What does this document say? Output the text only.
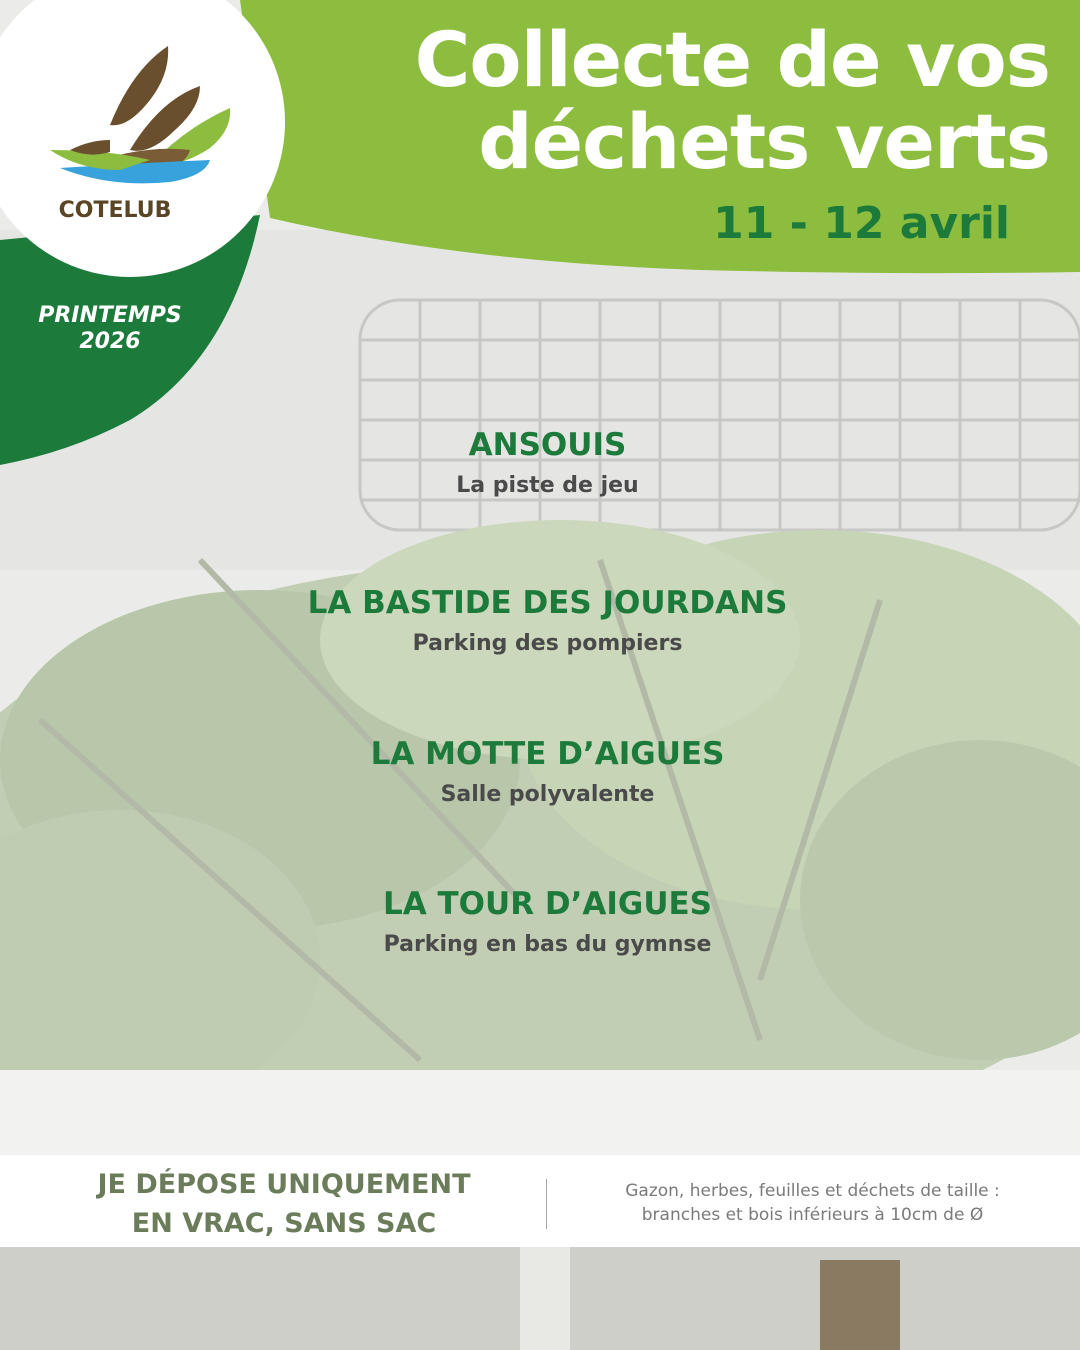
Collecte de vos
déchets verts
11 - 12 avril
COTELUB
PRINTEMPS
2026
ANSOUIS
La piste de jeu
LA BASTIDE DES JOURDANS
Parking des pompiers
LA MOTTE D’AIGUES
Salle polyvalente
LA TOUR D’AIGUES
Parking en bas du gymnse
JE DÉPOSE UNIQUEMENT
EN VRAC, SANS SAC
Gazon, herbes, feuilles et déchets de taille :
branches et bois inférieurs à 10cm de Ø
